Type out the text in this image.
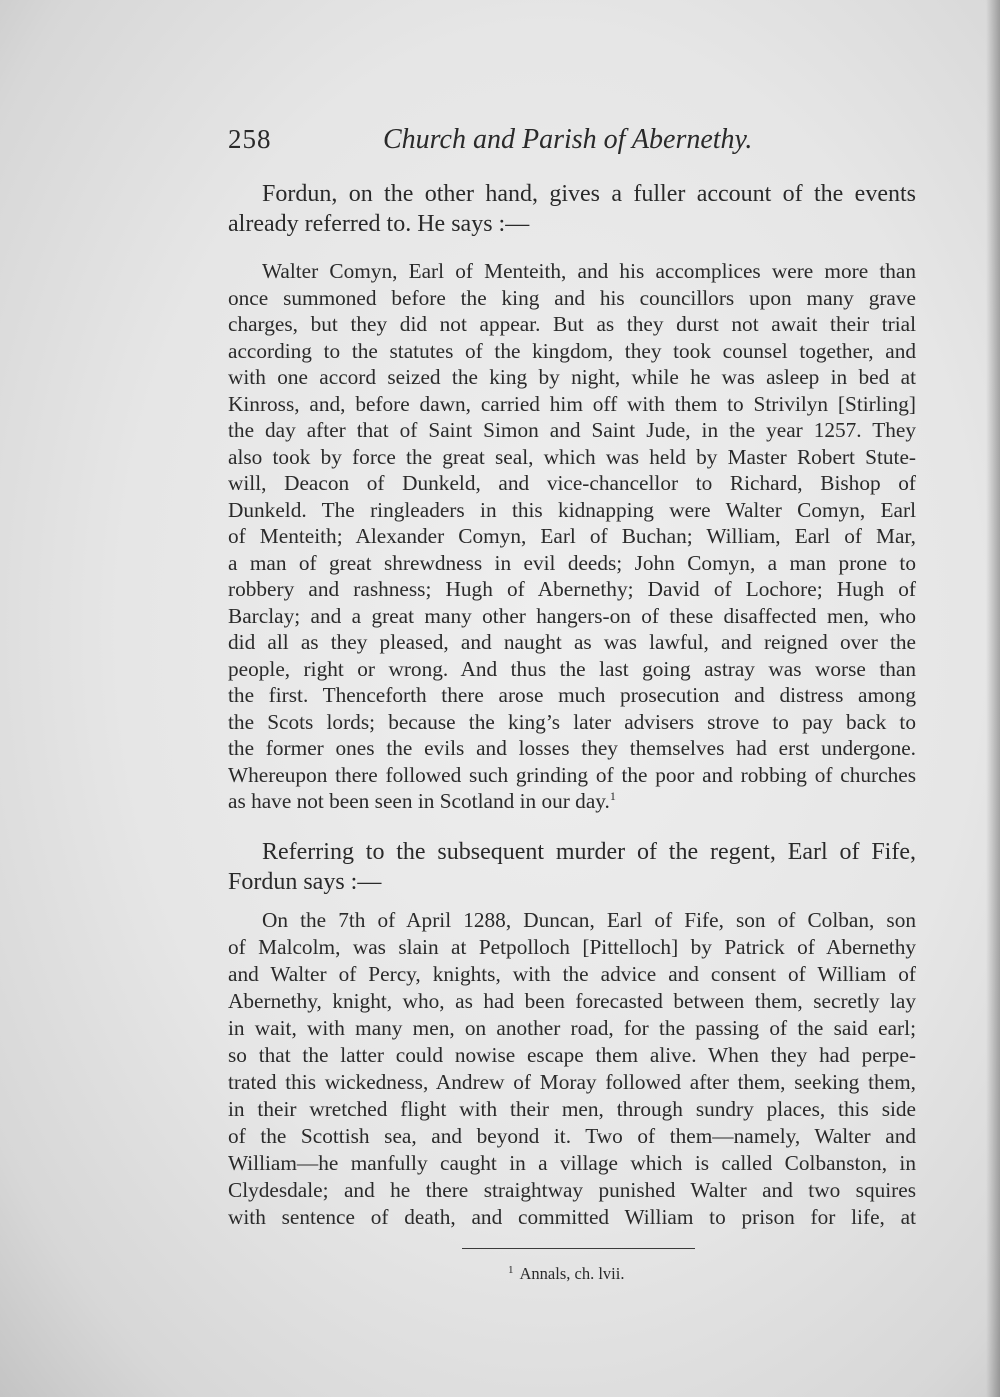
258	Church and Parish of Abernethy.
Fordun, on the other hand, gives a fuller account of the events
already referred to. He says :—
Walter Comyn, Earl of Menteith, and his accomplices were more than
once summoned before the king and his councillors upon many grave
charges, but they did not appear. But as they durst not await their trial
according to the statutes of the kingdom, they took counsel together, and
with one accord seized the king by night, while he was asleep in bed at
Kinross, and, before dawn, carried him off with them to Strivilyn [Stirling]
the day after that of Saint Simon and Saint Jude, in the year 1257. They
also took by force the great seal, which was held by Master Robert Stute-
will, Deacon of Dunkeld, and vice-chancellor to Richard, Bishop of
Dunkeld. The ringleaders in this kidnapping were Walter Comyn, Earl
of Menteith; Alexander Comyn, Earl of Buchan; William, Earl of Mar,
a man of great shrewdness in evil deeds; John Comyn, a man prone to
robbery and rashness; Hugh of Abernethy; David of Lochore; Hugh of
Barclay; and a great many other hangers-on of these disaffected men, who
did all as they pleased, and naught as was lawful, and reigned over the
people, right or wrong. And thus the last going astray was worse than
the first. Thenceforth there arose much prosecution and distress among
the Scots lords; because the king’s later advisers strove to pay back to
the former ones the evils and losses they themselves had erst undergone.
Whereupon there followed such grinding of the poor and robbing of churches
as have not been seen in Scotland in our day.$^1$
Referring to the subsequent murder of the regent, Earl of Fife,
Fordun says :—
On the 7th of April 1288, Duncan, Earl of Fife, son of Colban, son
of Malcolm, was slain at Petpolloch [Pittelloch] by Patrick of Abernethy
and Walter of Percy, knights, with the advice and consent of William of
Abernethy, knight, who, as had been forecasted between them, secretly lay
in wait, with many men, on another road, for the passing of the said earl;
so that the latter could nowise escape them alive. When they had perpe-
trated this wickedness, Andrew of Moray followed after them, seeking them,
in their wretched flight with their men, through sundry places, this side
of the Scottish sea, and beyond it. Two of them—namely, Walter and
William—he manfully caught in a village which is called Colbanston, in
Clydesdale; and he there straightway punished Walter and two squires
with sentence of death, and committed William to prison for life, at
$^1$ Annals, ch. lvii.
